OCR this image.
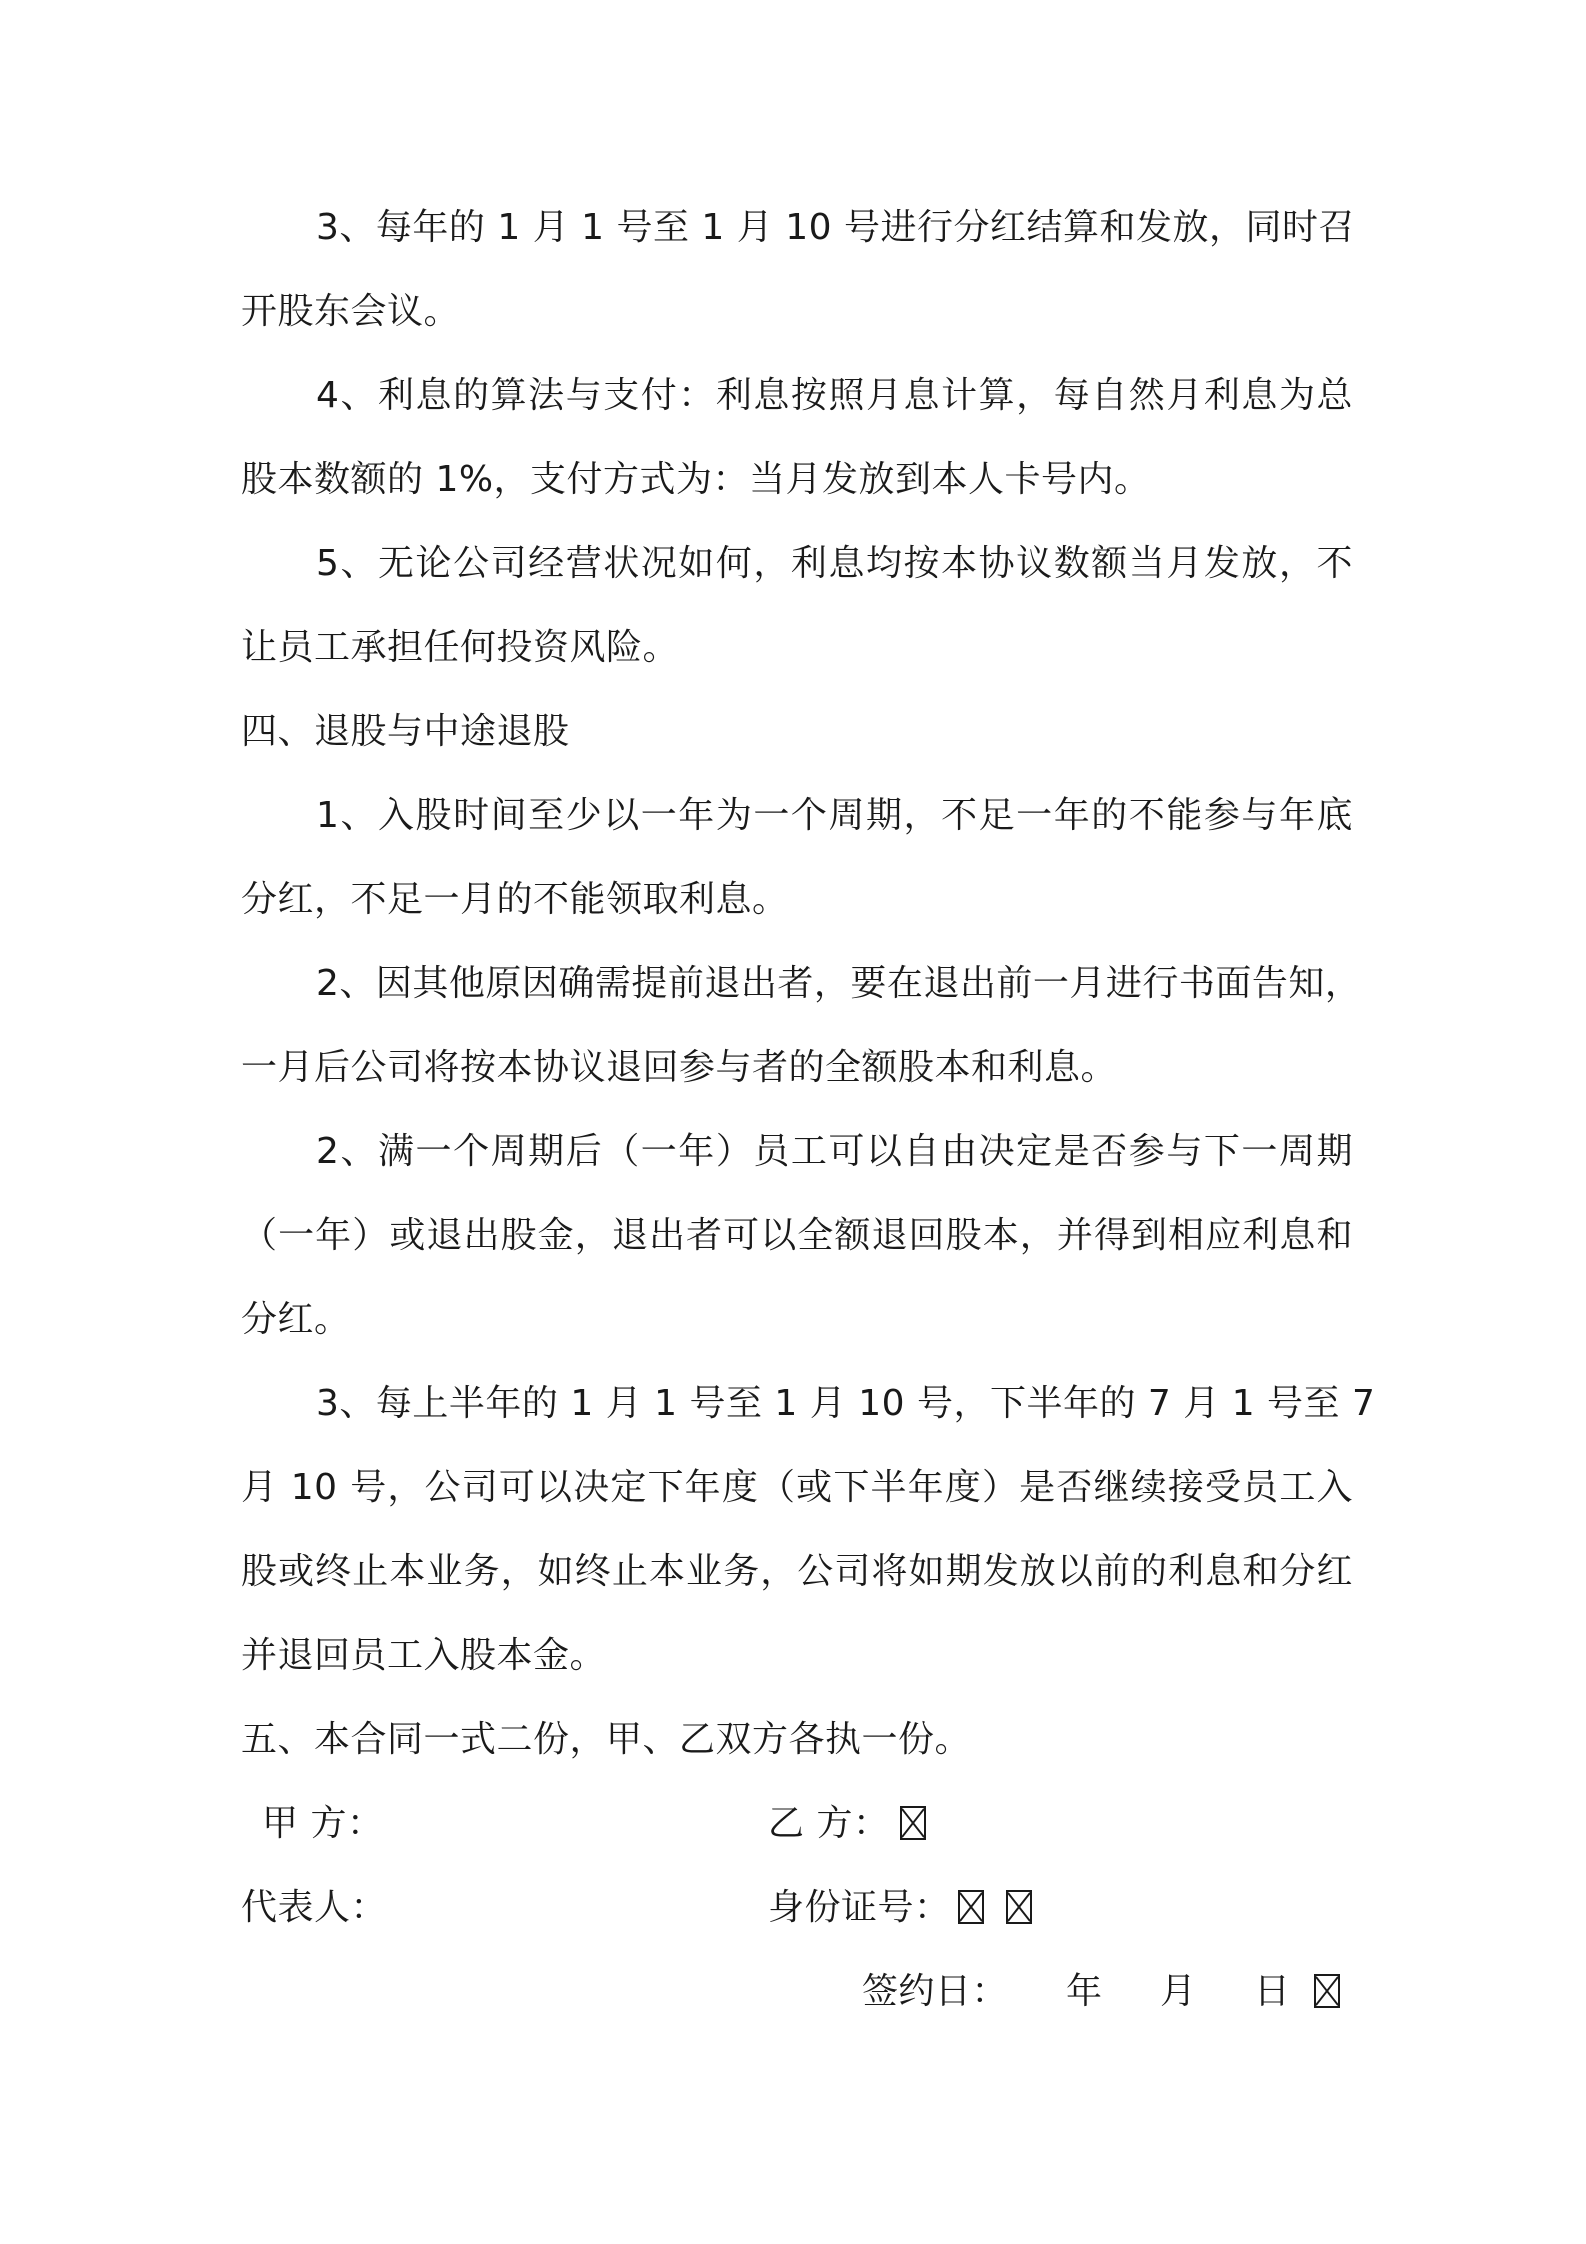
3、每年的 1 月 1 号至 1 月 10 号进行分红结算和发放，同时召
开股东会议。
4、利息的算法与支付：利息按照月息计算，每自然月利息为总
股本数额的 1%，支付方式为：当月发放到本人卡号内。
5、无论公司经营状况如何，利息均按本协议数额当月发放，不
让员工承担任何投资风险。
四、退股与中途退股
1、入股时间至少以一年为一个周期，不足一年的不能参与年底
分红，不足一月的不能领取利息。
2、因其他原因确需提前退出者，要在退出前一月进行书面告知，
一月后公司将按本协议退回参与者的全额股本和利息。
2、满一个周期后（一年）员工可以自由决定是否参与下一周期
（一年）或退出股金，退出者可以全额退回股本，并得到相应利息和
分红。
3、每上半年的 1 月 1 号至 1 月 10 号，下半年的 7 月 1 号至 7
月 10 号，公司可以决定下年度（或下半年度）是否继续接受员工入
股或终止本业务，如终止本业务，公司将如期发放以前的利息和分红
并退回员工入股本金。
五、本合同一式二份，甲、乙双方各执一份。
甲 方：	乙 方：
代表人：	身份证号：
签约日： 年 月 日
